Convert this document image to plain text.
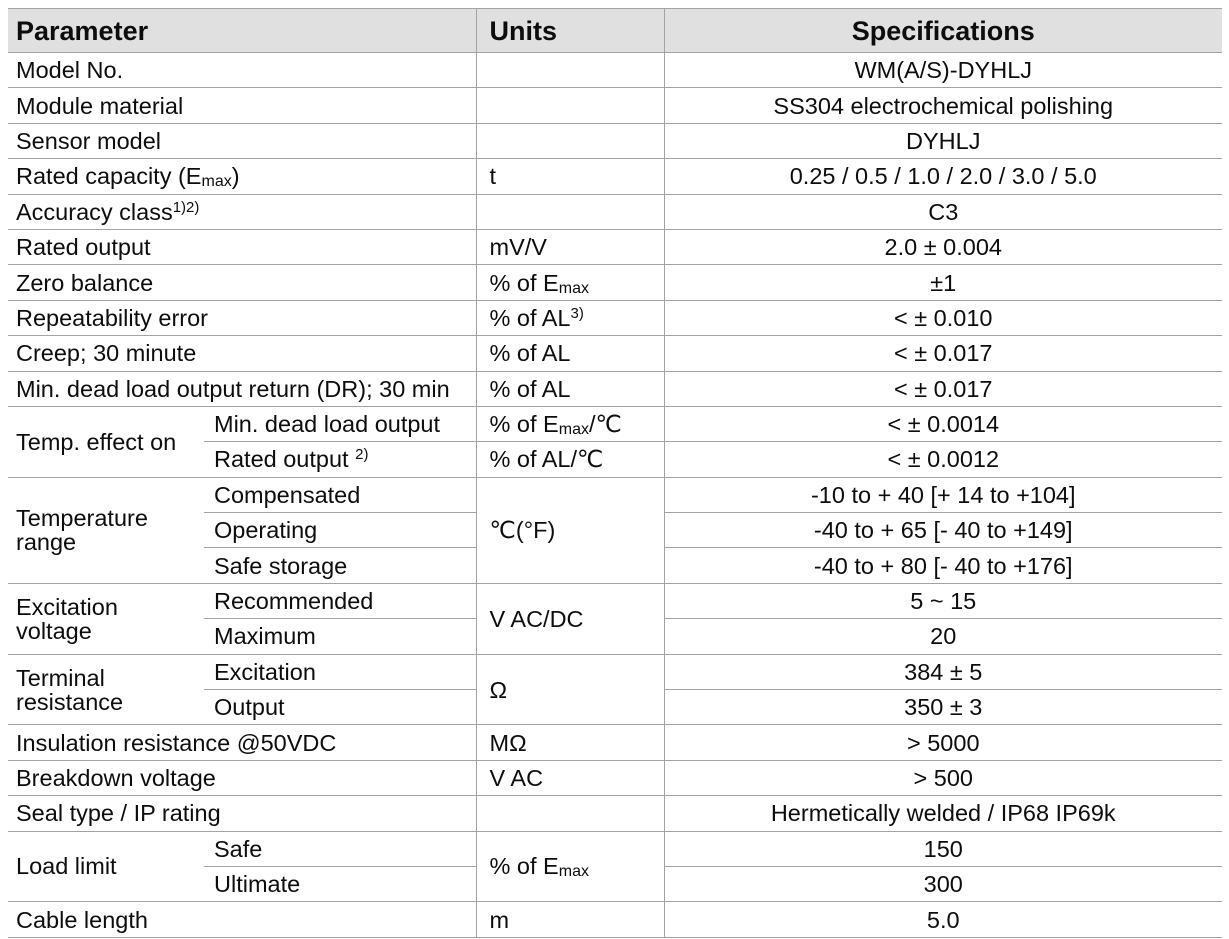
Parameter		Units	Specifications
Model No.			WM(A/S)-DYHLJ
Module material			SS304 electrochemical polishing
Sensor model			DYHLJ
Rated capacity (Emax)		t	0.25 / 0.5 / 1.0 / 2.0 / 3.0 / 5.0
Accuracy class$^{1)2)}$			C3
Rated output		mV/V	2.0 ± 0.004
Zero balance		% of Emax	±1
Repeatability error		% of $AL^{3)}$	< ± 0.010
Creep; 30 minute		% of AL	< ± 0.017
Min. dead load output return (DR); 30 min		% of AL	< ± 0.017

Temp. effect on	Min. dead load output	% of Emax/℃	< ± 0.0014
	Rated output $^{2)}$	% of AL/℃	< ± 0.0012

Temperature range	Compensated	℃(°F)	-10 to + 40 [+ 14 to +104]
	Operating		-40 to + 65 [- 40 to +149]
	Safe storage		-40 to + 80 [- 40 to +176]

Excitation voltage	Recommended	V AC/DC	5 ~ 15
	Maximum		20

Terminal resistance	Excitation	Ω	384 ± 5
	Output		350 ± 3
Insulation resistance @50VDC		MΩ	> 5000
Breakdown voltage		V AC	> 500
Seal type / IP rating			Hermetically welded / IP68 IP69k

Load limit	Safe	% of Emax	150
	Ultimate		300
Cable length		m	5.0
